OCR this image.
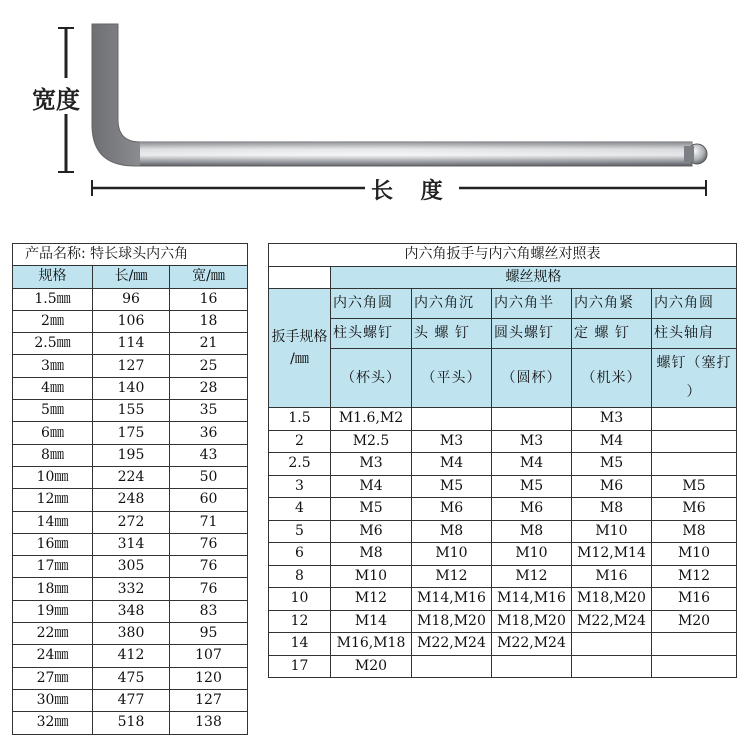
宽度
长 度
产品名称: 特长球头内六角		
规格	长/㎜	宽/㎜
1.5㎜	96	16
2㎜	106	18
2.5㎜	114	21
3㎜	127	25
4㎜	140	28
5㎜	155	35
6㎜	175	36
8㎜	195	43
10㎜	224	50
12㎜	248	60
14㎜	272	71
16㎜	314	76
17㎜	305	76
18㎜	332	76
19㎜	348	83
22㎜	380	95
24㎜	412	107
27㎜	475	120
30㎜	477	127
32㎜	518	138
内六角扳手与内六角螺丝对照表					
	螺丝规格				
扳手规格 /㎜	内六角圆	内六角沉	内六角半	内六角紧	内六角圆
	柱头螺钉	头 螺 钉	圆头螺钉	定 螺 钉	柱头轴肩
	（杯头）	（平头）	（圆杯）	（机米）	螺钉（塞打 ）
1.5	M1.6,M2			M3	
2	M2.5	M3	M3	M4	
2.5	M3	M4	M4	M5	
3	M4	M5	M5	M6	M5
4	M5	M6	M6	M8	M6
5	M6	M8	M8	M10	M8
6	M8	M10	M10	M12,M14	M10
8	M10	M12	M12	M16	M12
10	M12	M14,M16	M14,M16	M18,M20	M16
12	M14	M18,M20	M18,M20	M22,M24	M20
14	M16,M18	M22,M24	M22,M24		
17	M20				
